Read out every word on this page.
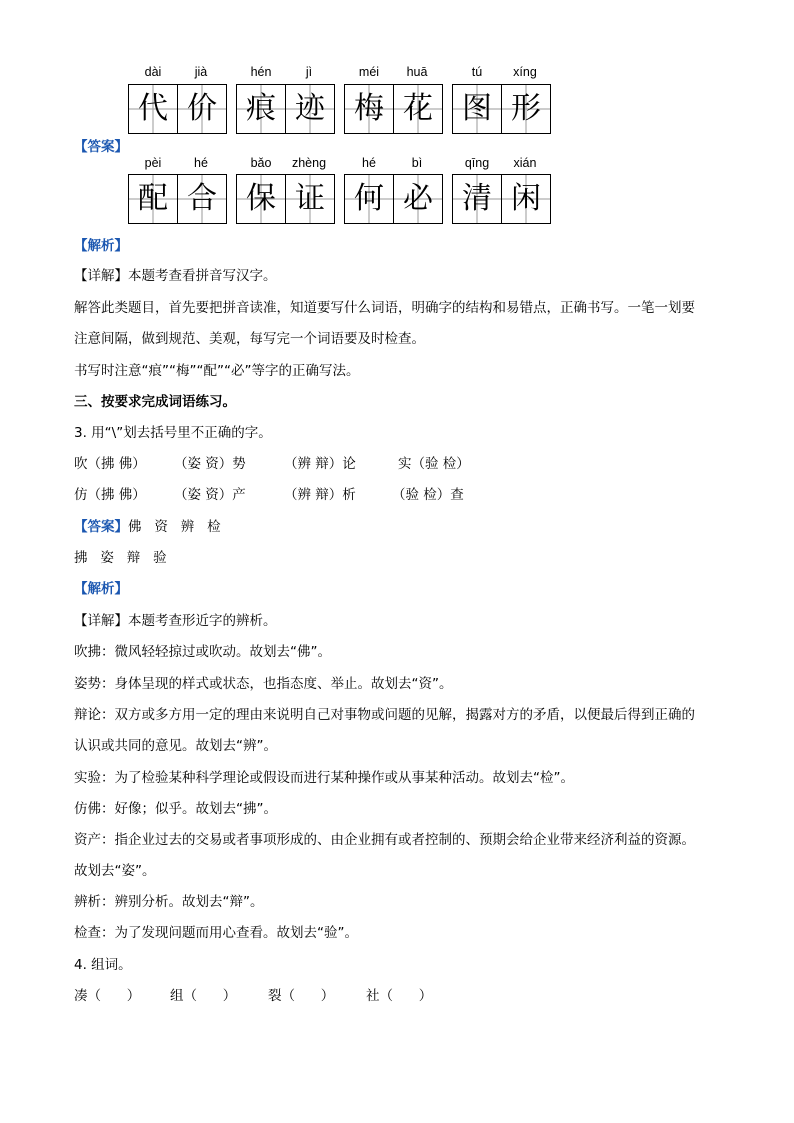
dài	jià	hén	jì	méi	huā	tú	xíng
代 价 痕 迹 梅 花 图 形
【答案】
pèi	hé	bǎo	zhèng	hé	bì	qīng	xián
配 合 保 证 何 必 清 闲
【解析】
【详解】本题考查看拼音写汉字。
解答此类题目，首先要把拼音读准，知道要写什么词语，明确字的结构和易错点，正确书写。一笔一划要
注意间隔，做到规范、美观，每写完一个词语要及时检查。
书写时注意“痕”“梅”“配”“必”等字的正确写法。
三、按要求完成词语练习。
3. 用“\”划去括号里不正确的字。
吹（拂 佛） （姿 资）势	（辨 辩）论	实（验 检）
仿（拂 佛） （姿 资）产	（辨 辩）析	（验 检）查
【答案】佛   资   辨   检
拂   姿   辩   验
【解析】
【详解】本题考查形近字的辨析。
吹拂：微风轻轻掠过或吹动。故划去“佛”。
姿势：身体呈现的样式或状态，也指态度、举止。故划去“资”。
辩论：双方或多方用一定的理由来说明自己对事物或问题的见解，揭露对方的矛盾，以便最后得到正确的
认识或共同的意见。故划去“辨”。
实验：为了检验某种科学理论或假设而进行某种操作或从事某种活动。故划去“检”。
仿佛：好像；似乎。故划去“拂”。
资产：指企业过去的交易或者事项形成的、由企业拥有或者控制的、预期会给企业带来经济利益的资源。
故划去“姿”。
辨析：辨别分析。故划去“辩”。
检查：为了发现问题而用心查看。故划去“验”。
4. 组词。
凑（      ） 组（      ） 裂（      ） 社（      ）
